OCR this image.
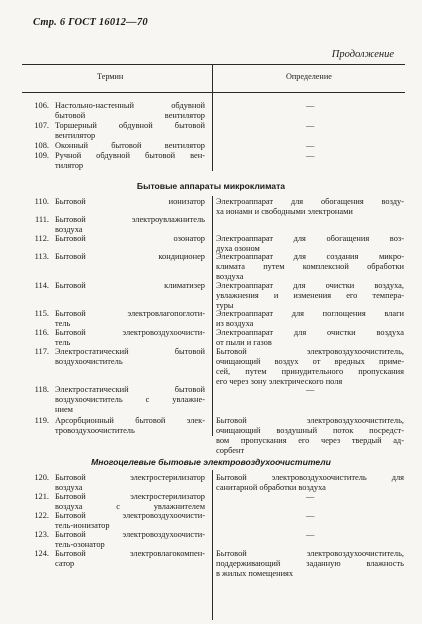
Стр. 6 ГОСТ 16012—70
Продолжение
Термин	Определение
106. Настольно-настенный обдувной
бытовой вентилятор
—
107. Торшерный обдувной бытовой
вентилятор
—
108. Оконный бытовой вентилятор	—
109. Ручной обдувной бытовой вен-
тилятор
—
Бытовые аппараты микроклимата
110. Бытовой ионизатор Электроаппарат для обогащения возду-
ха ионами и свободными электронами
111. Бытовой электроувлажнитель
воздуха
112. Бытовой озонатор Электроаппарат для обогащения воз-
духа озоном
113. Бытовой кондиционер Электроаппарат для создания микро-
климата путем комплексной обработки
воздуха
114. Бытовой климатизер Электроаппарат для очистки воздуха,
увлажнения и изменения его темпера-
туры
115. Бытовой электровлагопоглоти-
тель
Электроаппарат для поглощения влаги
из воздуха
116. Бытовой электровоздухоочисти-
тель
Электроаппарат для очистки воздуха
от пыли и газов
117. Электростатический бытовой
воздухоочиститель
Бытовой электровоздухоочиститель,
очищающий воздух от вредных приме-
сей, путем принудительного пропускания
его через зону электрического поля
118. Электростатический бытовой
воздухоочиститель с увлажне-
нием
—
119. Арсорбционный бытовой элек-
тровоздухоочиститель
Бытовой электровоздухоочиститель,
очищающий воздушный поток посредст-
вом пропускания его через твердый ад-
сорбент
Многоцелевые бытовые электровоздухоочистители
120. Бытовой электростерилизатор
воздуха
Бытовой электровоздухоочиститель для
санитарной обработки воздуха
121. Бытовой электростерилизатор
воздуха с увлажнителем
—
122. Бытовой электровоздухоочисти-
тель-ионизатор
—
123. Бытовой электровоздухоочисти-
тель-озонатор
—
124. Бытовой электровлагокомпен-
сатор
Бытовой электровоздухоочиститель,
поддерживающий заданную влажность
в жилых помещениях
